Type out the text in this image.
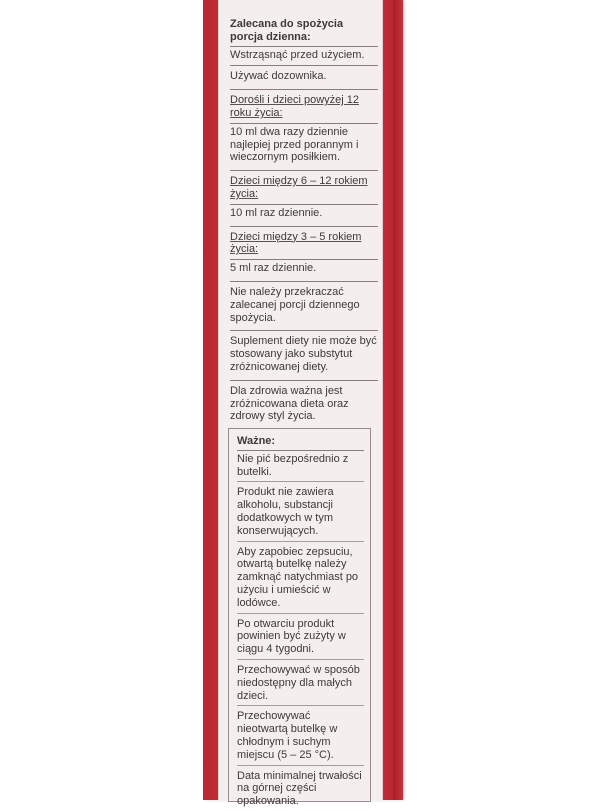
Zalecana do spożycia porcja dzienna:
Wstrząsnąć przed użyciem.
Używać dozownika.
Dorośli i dzieci powyżej 12 roku życia:
10 ml dwa razy dziennie najlepiej przed porannym i wieczornym posiłkiem.
Dzieci między 6 – 12 rokiem życia:
10 ml raz dziennie.
Dzieci między 3 – 5 rokiem życia:
5 ml raz dziennie.
Nie należy przekraczać zalecanej porcji dziennego spożycia.
Suplement diety nie może być stosowany jako substytut zróżnicowanej diety.
Dla zdrowia ważna jest zróżnicowana dieta oraz zdrowy styl życia.
Ważne:
Nie pić bezpośrednio z butelki.
Produkt nie zawiera alkoholu, substancji dodatkowych w tym konserwujących.
Aby zapobiec zepsuciu, otwartą butelkę należy zamknąć natychmiast po użyciu i umieścić w lodówce.
Po otwarciu produkt powinien być zużyty w ciągu 4 tygodni.
Przechowywać w sposób niedostępny dla małych dzieci.
Przechowywać nieotwartą butelkę w chłodnym i suchym miejscu (5 – 25 °C).
Data minimalnej trwałości na górnej części opakowania.
